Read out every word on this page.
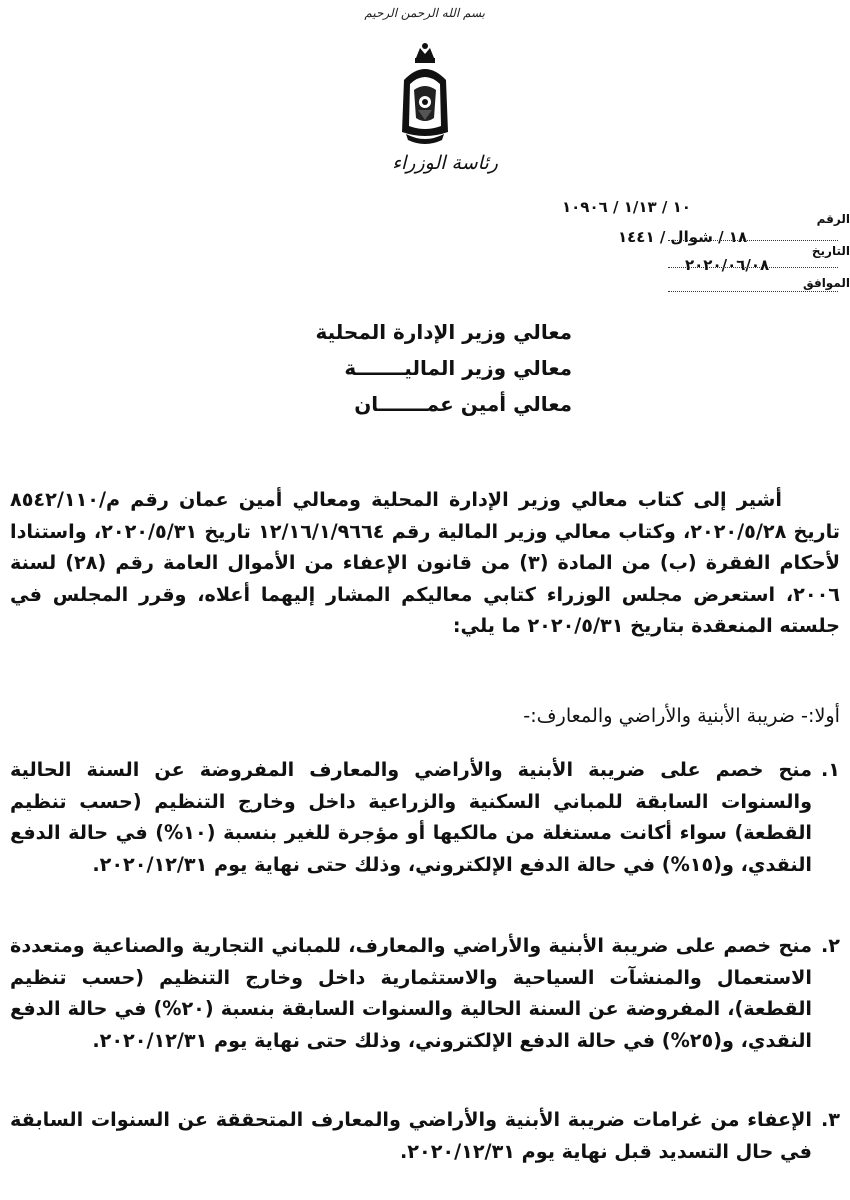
بسم الله الرحمن الرحيم
رئاسة الوزراء
١٠ / ١/١٣ / ١٠٩٠٦
١٨ / شوال / ١٤٤١
٢٠٢٠/٠٦/٠٨
الرقم
التاريخ
الموافق
معالي وزير الإدارة المحلية
معالي وزير الماليـــــــة
معالي أمين عمـــــــان
أشير إلى كتاب معالي وزير الإدارة المحلية ومعالي أمين عمان رقم م/٨٥٤٢/١١٠ تاريخ ٢٠٢٠/٥/٢٨، وكتاب معالي وزير المالية رقم ١٢/١٦/١/٩٦٦٤ تاريخ ٢٠٢٠/٥/٣١، واستنادا لأحكام الفقرة (ب) من المادة (٣) من قانون الإعفاء من الأموال العامة رقم (٢٨) لسنة ٢٠٠٦، استعرض مجلس الوزراء كتابي معاليكم المشار إليهما أعلاه، وقرر المجلس في جلسته المنعقدة بتاريخ ٢٠٢٠/٥/٣١ ما يلي:
أولا:- ضريبة الأبنية والأراضي والمعارف:-
١.
منح خصم على ضريبة الأبنية والأراضي والمعارف المفروضة عن السنة الحالية والسنوات السابقة للمباني السكنية والزراعية داخل وخارج التنظيم (حسب تنظيم القطعة) سواء أكانت مستغلة من مالكيها أو مؤجرة للغير بنسبة (١٠%) في حالة الدفع النقدي، و(١٥%) في حالة الدفع الإلكتروني، وذلك حتى نهاية يوم ٢٠٢٠/١٢/٣١.
٢.
منح خصم على ضريبة الأبنية والأراضي والمعارف، للمباني التجارية والصناعية ومتعددة الاستعمال والمنشآت السياحية والاستثمارية داخل وخارج التنظيم (حسب تنظيم القطعة)، المفروضة عن السنة الحالية والسنوات السابقة بنسبة (٢٠%) في حالة الدفع النقدي، و(٢٥%) في حالة الدفع الإلكتروني، وذلك حتى نهاية يوم ٢٠٢٠/١٢/٣١.
٣.
الإعفاء من غرامات ضريبة الأبنية والأراضي والمعارف المتحققة عن السنوات السابقة في حال التسديد قبل نهاية يوم ٢٠٢٠/١٢/٣١.
